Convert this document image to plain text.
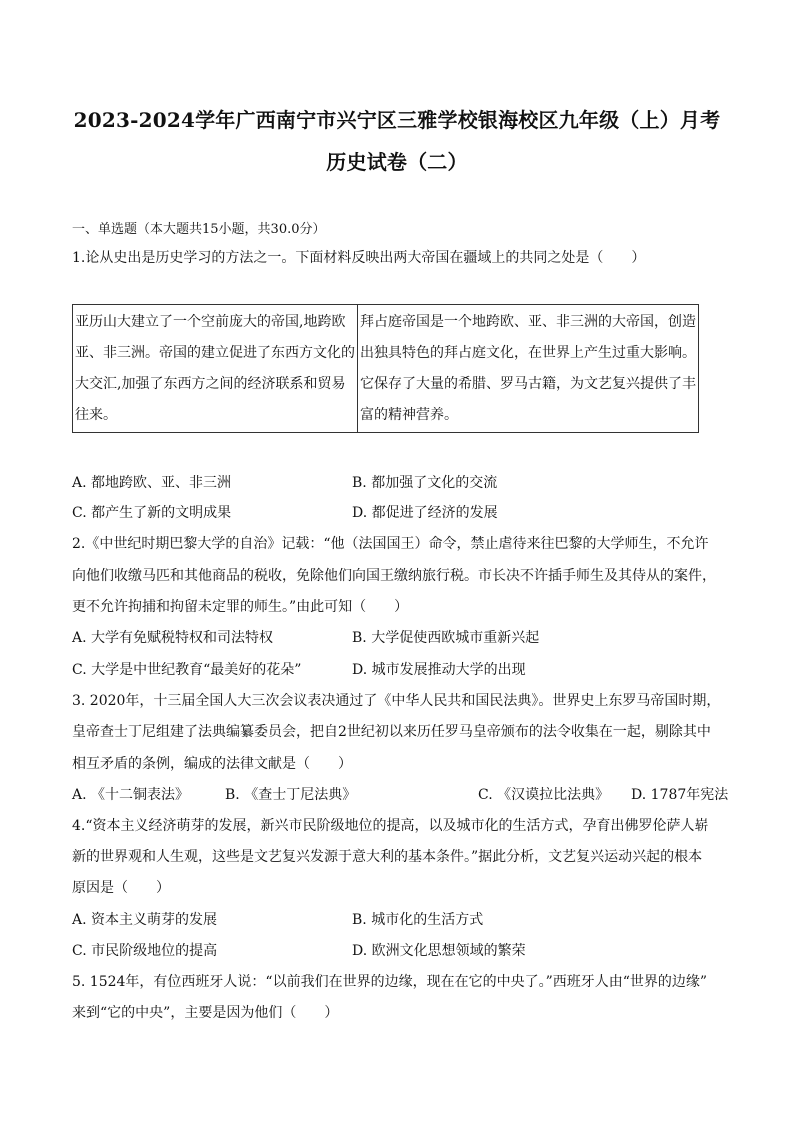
2023-2024学年广西南宁市兴宁区三雅学校银海校区九年级（上）月考
历史试卷（二）
一、单选题（本大题共15小题，共30.0分）
1.论从史出是历史学习的方法之一。下面材料反映出两大帝国在疆域上的共同之处是（　　）
亚历山大建立了一个空前庞大的帝国,地跨欧
亚、非三洲。帝国的建立促进了东西方文化的
大交汇,加强了东西方之间的经济联系和贸易
往来。

拜占庭帝国是一个地跨欧、亚、非三洲的大帝国，创造
出独具特色的拜占庭文化，在世界上产生过重大影响。
它保存了大量的希腊、罗马古籍，为文艺复兴提供了丰
富的精神营养。
A. 都地跨欧、亚、非三洲	B. 都加强了文化的交流
C. 都产生了新的文明成果	D. 都促进了经济的发展
2.《中世纪时期巴黎大学的自治》记载：“他（法国国王）命令，禁止虐待来往巴黎的大学师生，不允许
向他们收缴马匹和其他商品的税收，免除他们向国王缴纳旅行税。市长决不许插手师生及其侍从的案件，
更不允许拘捕和拘留未定罪的师生。”由此可知（　　）
A. 大学有免赋税特权和司法特权	B. 大学促使西欧城市重新兴起
C. 大学是中世纪教育“最美好的花朵”	D. 城市发展推动大学的出现
3. 2020年，十三届全国人大三次会议表决通过了《中华人民共和国民法典》。世界史上东罗马帝国时期，
皇帝查士丁尼组建了法典编纂委员会，把自2世纪初以来历任罗马皇帝颁布的法令收集在一起，剔除其中
相互矛盾的条例，编成的法律文献是（　　）
A. 《十二铜表法》	B. 《查士丁尼法典》	C. 《汉谟拉比法典》 D. 1787年宪法
4.“资本主义经济萌芽的发展，新兴市民阶级地位的提高，以及城市化的生活方式，孕育出佛罗伦萨人崭
新的世界观和人生观，这些是文艺复兴发源于意大利的基本条件。”据此分析，文艺复兴运动兴起的根本
原因是（　　）
A. 资本主义萌芽的发展	B. 城市化的生活方式
C. 市民阶级地位的提高	D. 欧洲文化思想领域的繁荣
5. 1524年，有位西班牙人说：“以前我们在世界的边缘，现在在它的中央了。”西班牙人由“世界的边缘”
来到“它的中央”，主要是因为他们（　　）
